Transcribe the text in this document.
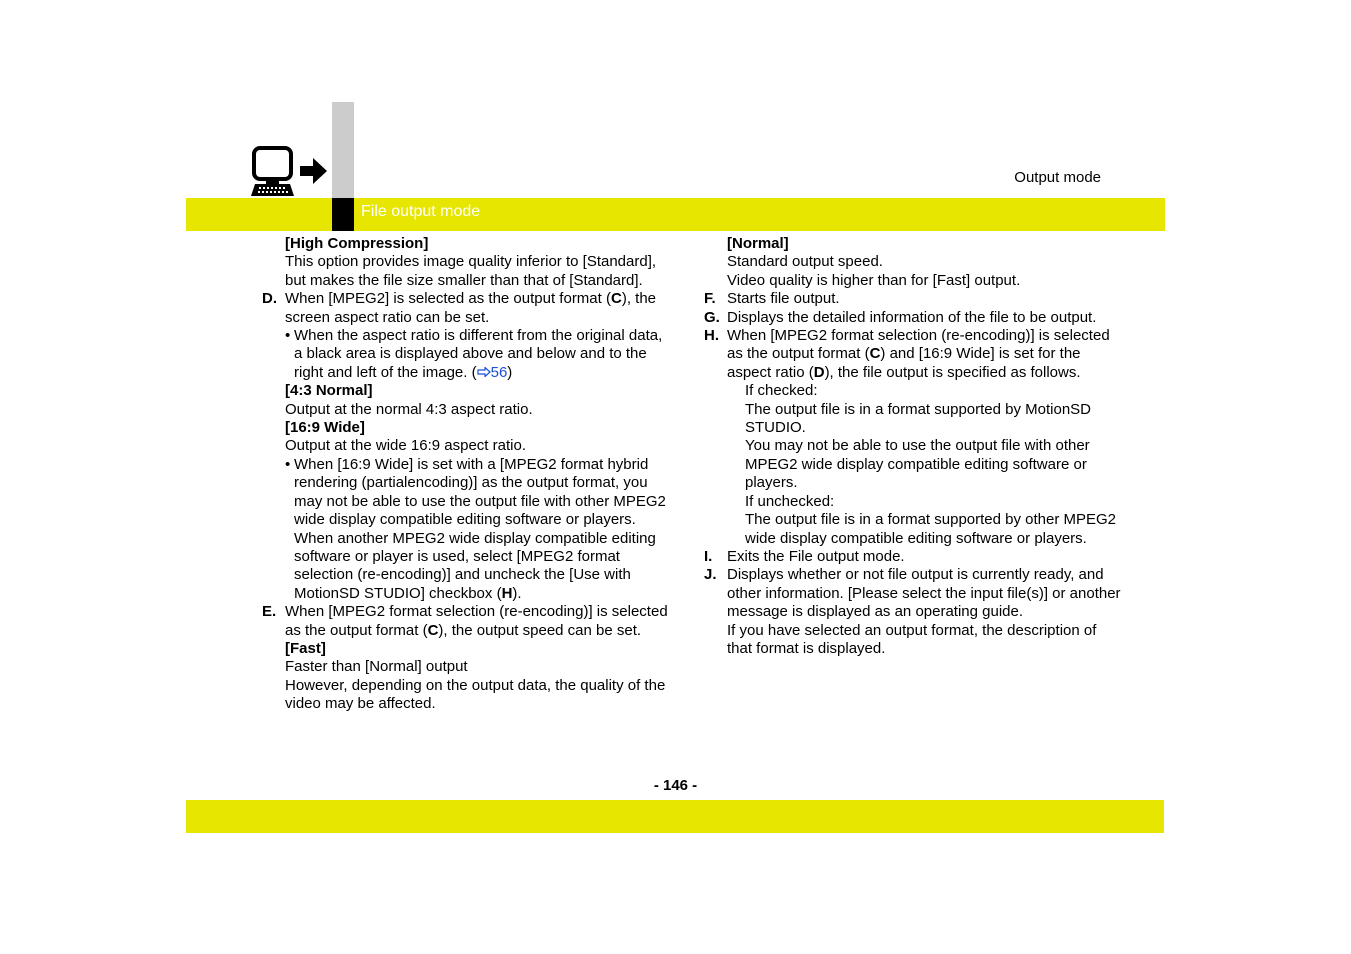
Output mode
File output mode
[High Compression]
This option provides image quality inferior to [Standard], but makes the file size smaller than that of [Standard].
D. When [MPEG2] is selected as the output format (C), the screen aspect ratio can be set.
• When the aspect ratio is different from the original data, a black area is displayed above and below and to the right and left of the image. ( 56)
[4:3 Normal]
Output at the normal 4:3 aspect ratio.
[16:9 Wide]
Output at the wide 16:9 aspect ratio.
• When [16:9 Wide] is set with a [MPEG2 format hybrid rendering (partialencoding)] as the output format, you may not be able to use the output file with other MPEG2 wide display compatible editing software or players. When another MPEG2 wide display compatible editing software or player is used, select [MPEG2 format selection (re-encoding)] and uncheck the [Use with MotionSD STUDIO] checkbox (H).
E. When [MPEG2 format selection (re-encoding)] is selected as the output format (C), the output speed can be set.
[Fast]
Faster than [Normal] output
However, depending on the output data, the quality of the video may be affected.
[Normal]
Standard output speed.
Video quality is higher than for [Fast] output.
F. Starts file output.
G. Displays the detailed information of the file to be output.
H. When [MPEG2 format selection (re-encoding)] is selected as the output format (C) and [16:9 Wide] is set for the aspect ratio (D), the file output is specified as follows.
If checked:
The output file is in a format supported by MotionSD STUDIO.
You may not be able to use the output file with other MPEG2 wide display compatible editing software or players.
If unchecked:
The output file is in a format supported by other MPEG2 wide display compatible editing software or players.
I. Exits the File output mode.
J. Displays whether or not file output is currently ready, and other information. [Please select the input file(s)] or another message is displayed as an operating guide.
If you have selected an output format, the description of that format is displayed.
- 146 -
